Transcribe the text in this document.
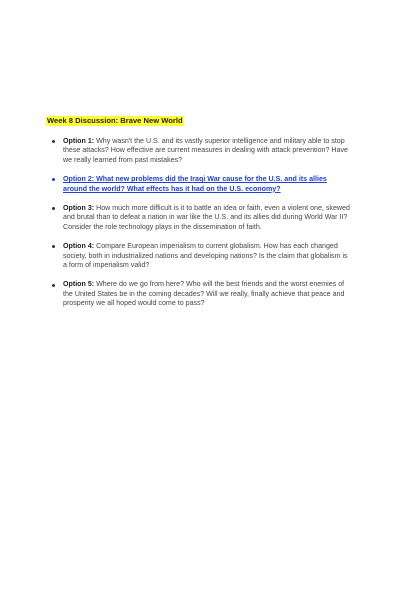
Week 8 Discussion: Brave New World
Option 1: Why wasn't the U.S. and its vastly superior intelligence and military able to stop these attacks? How effective are current measures in dealing with attack prevention? Have we really learned from past mistakes?
Option 2: What new problems did the Iraqi War cause for the U.S. and its allies around the world? What effects has it had on the U.S. economy?
Option 3: How much more difficult is it to battle an idea or faith, even a violent one, skewed and brutal than to defeat a nation in war like the U.S. and its allies did during World War II? Consider the role technology plays in the dissemination of faith.
Option 4: Compare European imperialism to current globalism. How has each changed society, both in industrialized nations and developing nations? Is the claim that globalism is a form of imperialism valid?
Option 5: Where do we go from here? Who will the best friends and the worst enemies of the United States be in the coming decades? Will we really, finally achieve that peace and prosperity we all hoped would come to pass?
